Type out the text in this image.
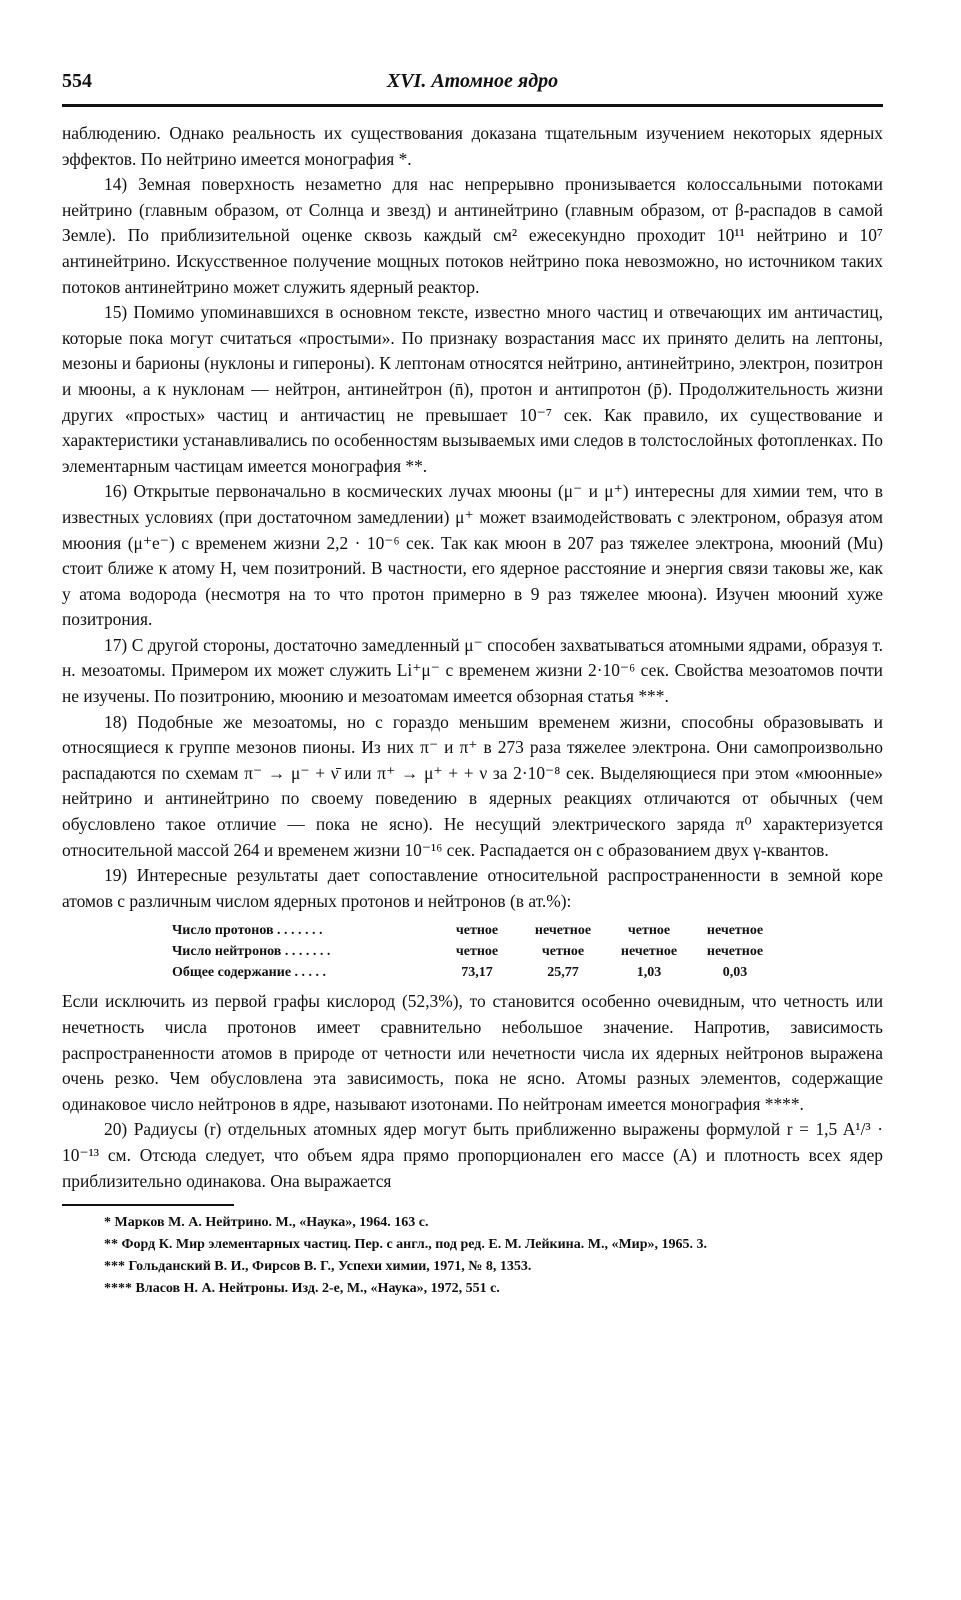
554	XVI. Атомное ядро

наблюдению. Однако реальность их существования доказана тщательным изучением некоторых ядерных эффектов. По нейтрино имеется монография *.

14) Земная поверхность незаметно для нас непрерывно пронизывается колоссальными потоками нейтрино (главным образом, от Солнца и звезд) и антинейтрино (главным образом, от β-распадов в самой Земле). По приблизительной оценке сквозь каждый см² ежесекундно проходит 10¹¹ нейтрино и 10⁷ антинейтрино. Искусственное получение мощных потоков нейтрино пока невозможно, но источником таких потоков антинейтрино может служить ядерный реактор.

15) Помимо упоминавшихся в основном тексте, известно много частиц и отвечающих им античастиц, которые пока могут считаться «простыми». По признаку возрастания масс их принято делить на лептоны, мезоны и барионы (нуклоны и гипероны). К лептонам относятся нейтрино, антинейтрино, электрон, позитрон и мюоны, а к нуклонам — нейтрон, антинейтрон (n̄), протон и антипротон (p̄). Продолжительность жизни других «простых» частиц и античастиц не превышает 10⁻⁷ сек. Как правило, их существование и характеристики устанавливались по особенностям вызываемых ими следов в толстослойных фотопленках. По элементарным частицам имеется монография **.

16) Открытые первоначально в космических лучах мюоны (μ⁻ и μ⁺) интересны для химии тем, что в известных условиях (при достаточном замедлении) μ⁺ может взаимодействовать с электроном, образуя атом мюония (μ⁺e⁻) с временем жизни 2,2 · 10⁻⁶ сек. Так как мюон в 207 раз тяжелее электрона, мюоний (Mu) стоит ближе к атому Н, чем позитроний. В частности, его ядерное расстояние и энергия связи таковы же, как у атома водорода (несмотря на то что протон примерно в 9 раз тяжелее мюона). Изучен мюоний хуже позитрония.

17) С другой стороны, достаточно замедленный μ⁻ способен захватываться атомными ядрами, образуя т. н. мезоатомы. Примером их может служить Li⁺μ⁻ с временем жизни 2·10⁻⁶ сек. Свойства мезоатомов почти не изучены. По позитронию, мюонию и мезоатомам имеется обзорная статья ***.

18) Подобные же мезоатомы, но с гораздо меньшим временем жизни, способны образовывать и относящиеся к группе мезонов пионы. Из них π⁻ и π⁺ в 273 раза тяжелее электрона. Они самопроизвольно распадаются по схемам π⁻ → μ⁻ + ν̄ или π⁺ → μ⁺ + + ν за 2·10⁻⁸ сек. Выделяющиеся при этом «мюонные» нейтрино и антинейтрино по своему поведению в ядерных реакциях отличаются от обычных (чем обусловлено такое отличие — пока не ясно). Не несущий электрического заряда π⁰ характеризуется относительной массой 264 и временем жизни 10⁻¹⁶ сек. Распадается он с образованием двух γ-квантов.

19) Интересные результаты дает сопоставление относительной распространенности в земной коре атомов с различным числом ядерных протонов и нейтронов (в ат.%):

Число протонов . . . . . . .	четное	нечетное	четное	нечетное
Число нейтронов . . . . . . .	четное	четное	нечетное	нечетное
Общее содержание . . . . .	73,17	25,77	1,03	0,03

Если исключить из первой графы кислород (52,3%), то становится особенно очевидным, что четность или нечетность числа протонов имеет сравнительно небольшое значение. Напротив, зависимость распространенности атомов в природе от четности или нечетности числа их ядерных нейтронов выражена очень резко. Чем обусловлена эта зависимость, пока не ясно. Атомы разных элементов, содержащие одинаковое число нейтронов в ядре, называют изотонами. По нейтронам имеется монография ****.

20) Радиусы (r) отдельных атомных ядер могут быть приближенно выражены формулой r = 1,5 A¹/³ · 10⁻¹³ см. Отсюда следует, что объем ядра прямо пропорционален его массе (A) и плотность всех ядер приблизительно одинакова. Она выражается

* Марков М. А. Нейтрино. М., «Наука», 1964. 163 с.

** Форд К. Мир элементарных частиц. Пер. с англ., под ред. Е. М. Лейкина. М., «Мир», 1965. 3.

*** Гольданский В. И., Фирсов В. Г., Успехи химии, 1971, № 8, 1353.

**** Власов Н. А. Нейтроны. Изд. 2-е, М., «Наука», 1972, 551 с.
